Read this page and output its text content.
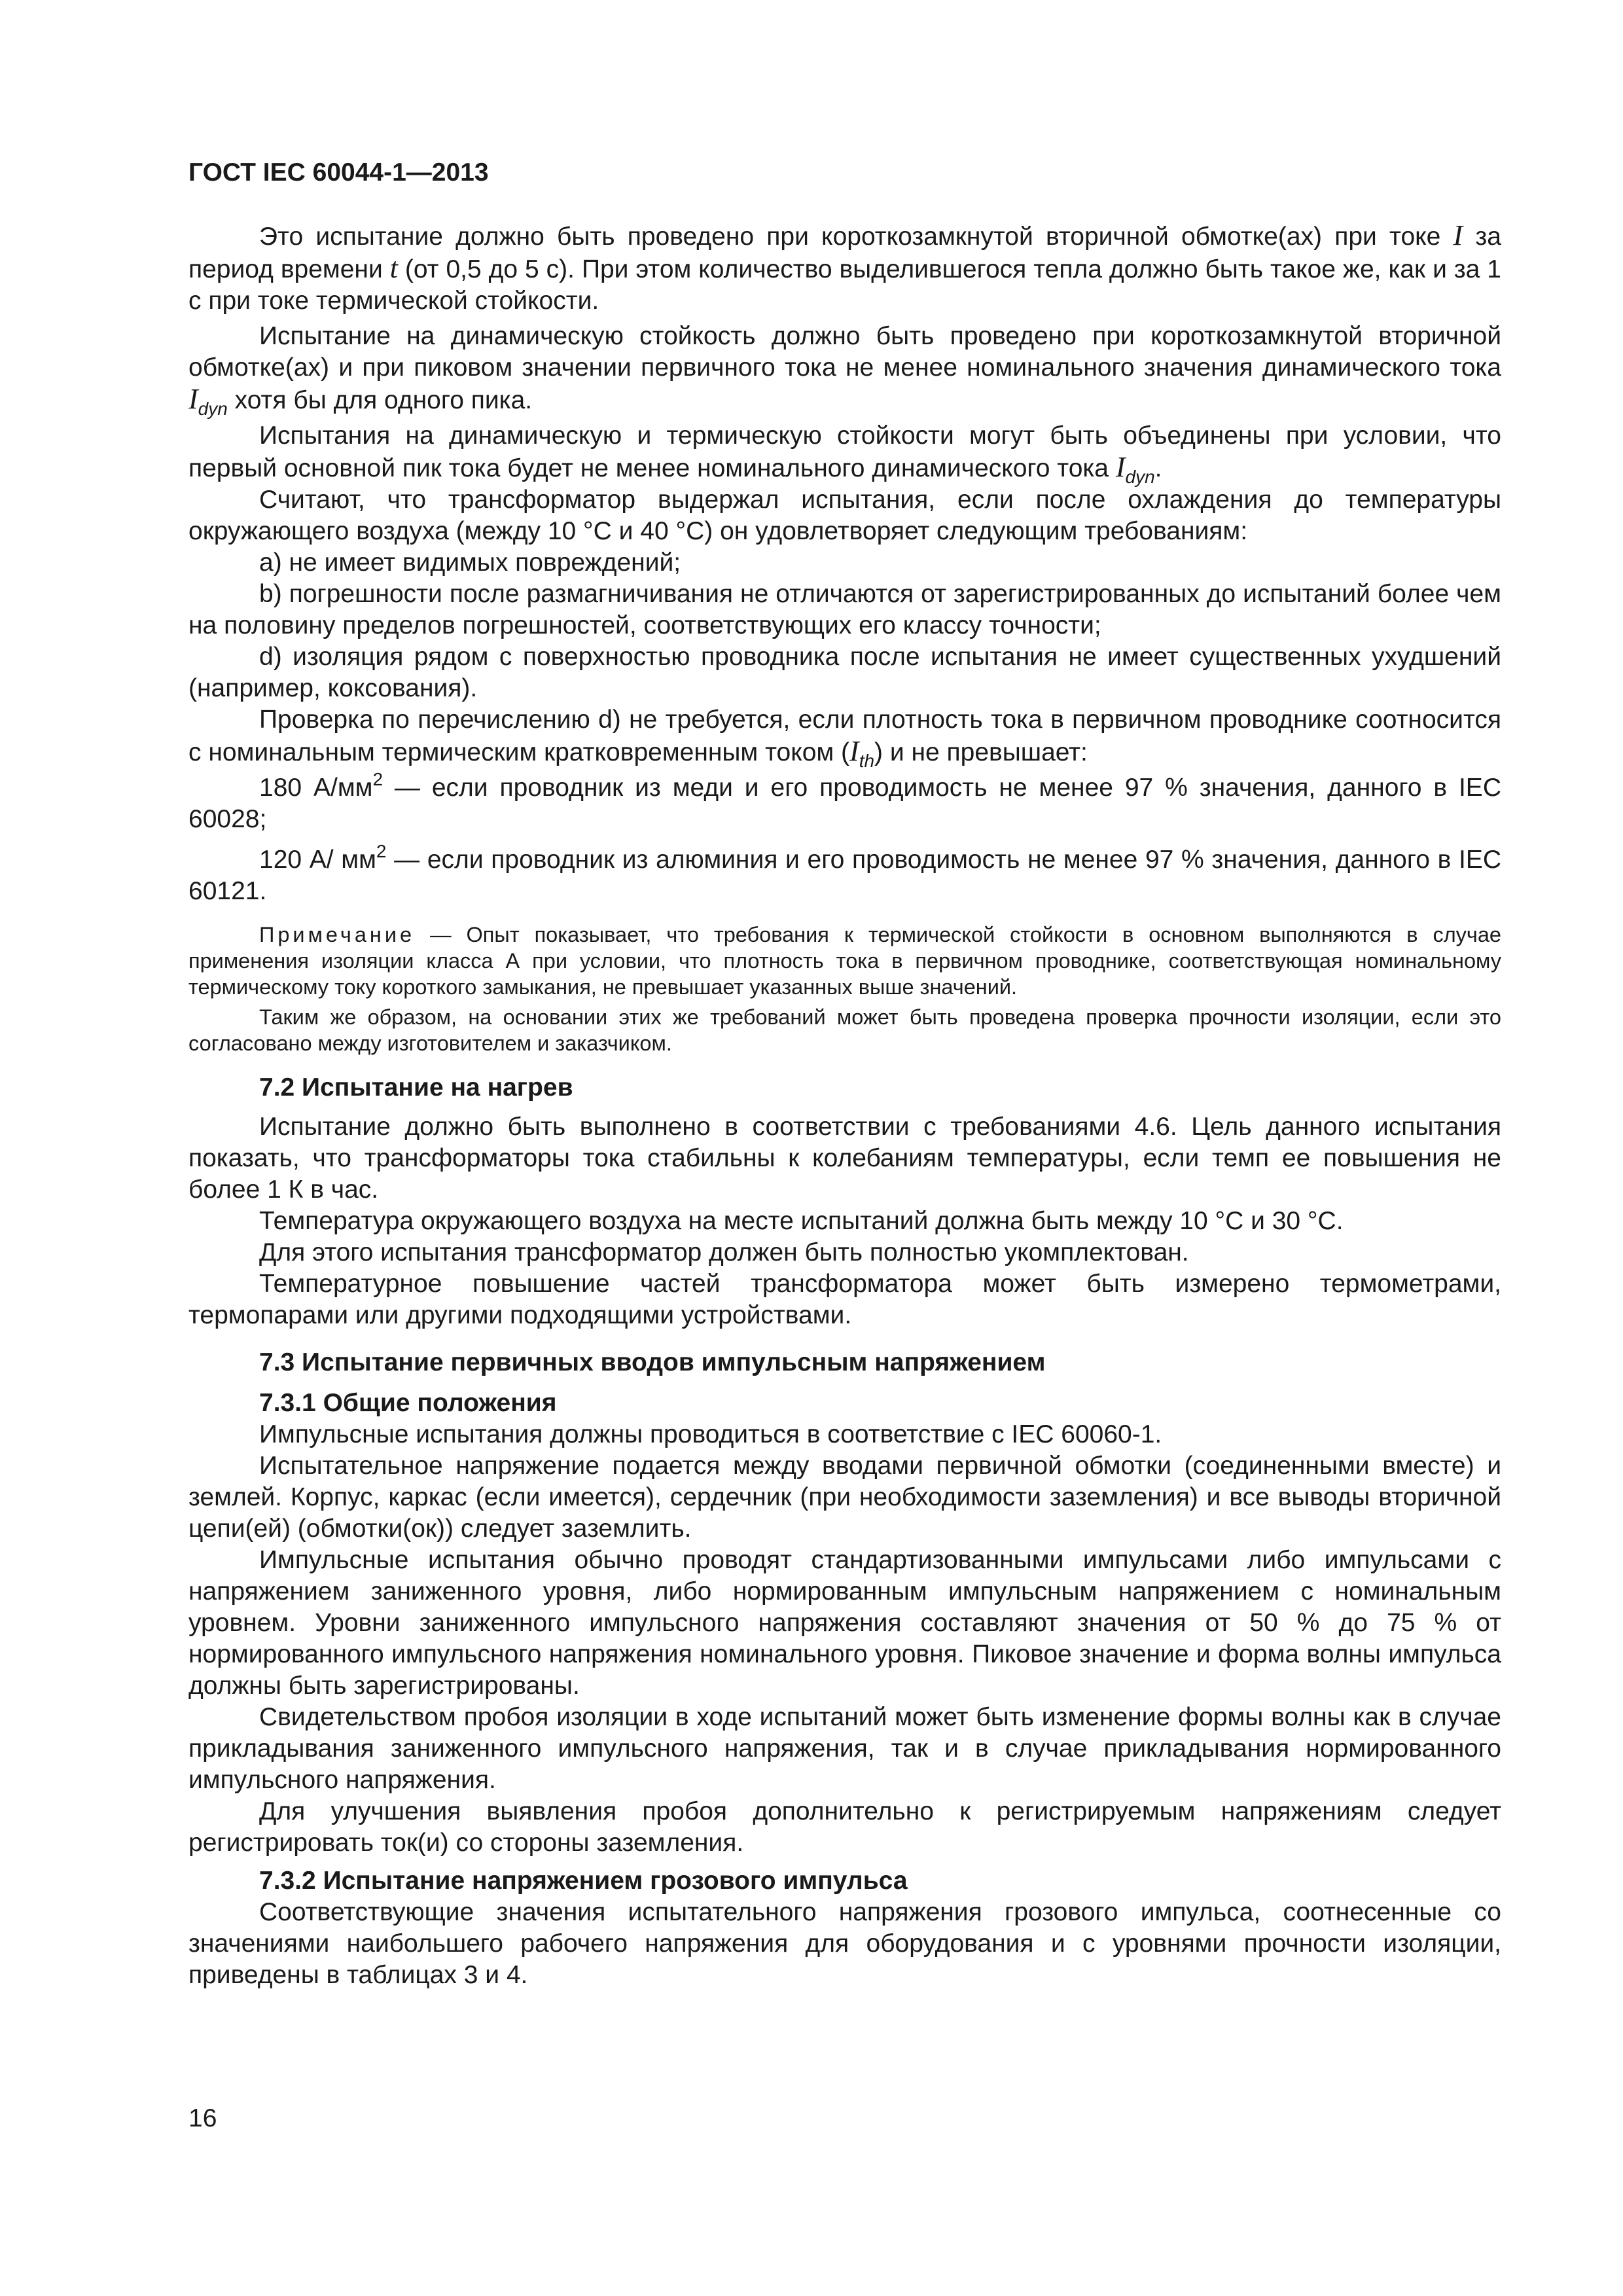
ГОСТ IEC 60044-1—2013

Это испытание должно быть проведено при короткозамкнутой вторичной обмотке(ах) при токе I за период времени t (от 0,5 до 5 с). При этом количество выделившегося тепла должно быть такое же, как и за 1 с при токе термической стойкости.

Испытание на динамическую стойкость должно быть проведено при короткозамкнутой вторичной обмотке(ах) и при пиковом значении первичного тока не менее номинального значения динамического тока $I_{dyn}$ хотя бы для одного пика.

Испытания на динамическую и термическую стойкости могут быть объединены при условии, что первый основной пик тока будет не менее номинального динамического тока $I_{dyn}$.

Считают, что трансформатор выдержал испытания, если после охлаждения до температуры окружающего воздуха (между 10 °С и 40 °С) он удовлетворяет следующим требованиям:

a) не имеет видимых повреждений;

b) погрешности после размагничивания не отличаются от зарегистрированных до испытаний более чем на половину пределов погрешностей, соответствующих его классу точности;

d) изоляция рядом с поверхностью проводника после испытания не имеет существенных ухудшений (например, коксования).

Проверка по перечислению d) не требуется, если плотность тока в первичном проводнике соотносится с номинальным термическим кратковременным током $(I_{th})$ и не превышает:

180 $А/мм^2$ — если проводник из меди и его проводимость не менее 97 % значения, данного в IEC 60028;

120 А/ $мм^2$ — если проводник из алюминия и его проводимость не менее 97 % значения, данного в IEC 60121.

Примечание — Опыт показывает, что требования к термической стойкости в основном выполняются в случае применения изоляции класса А при условии, что плотность тока в первичном проводнике, соответствующая номинальному термическому току короткого замыкания, не превышает указанных выше значений.

Таким же образом, на основании этих же требований может быть проведена проверка прочности изоляции, если это согласовано между изготовителем и заказчиком.

7.2 Испытание на нагрев

Испытание должно быть выполнено в соответствии с требованиями 4.6. Цель данного испытания показать, что трансформаторы тока стабильны к колебаниям температуры, если темп ее повышения не более 1 К в час.

Температура окружающего воздуха на месте испытаний должна быть между 10 °С и 30 °С.

Для этого испытания трансформатор должен быть полностью укомплектован.

Температурное повышение частей трансформатора может быть измерено термометрами, термопарами или другими подходящими устройствами.

7.3 Испытание первичных вводов импульсным напряжением
7.3.1 Общие положения

Импульсные испытания должны проводиться в соответствие с IEC 60060-1.

Испытательное напряжение подается между вводами первичной обмотки (соединенными вместе) и землей. Корпус, каркас (если имеется), сердечник (при необходимости заземления) и все выводы вторичной цепи(ей) (обмотки(ок)) следует заземлить.

Импульсные испытания обычно проводят стандартизованными импульсами либо импульсами с напряжением заниженного уровня, либо нормированным импульсным напряжением с номинальным уровнем. Уровни заниженного импульсного напряжения составляют значения от 50 % до 75 % от нормированного импульсного напряжения номинального уровня. Пиковое значение и форма волны импульса должны быть зарегистрированы.

Свидетельством пробоя изоляции в ходе испытаний может быть изменение формы волны как в случае прикладывания заниженного импульсного напряжения, так и в случае прикладывания нормированного импульсного напряжения.

Для улучшения выявления пробоя дополнительно к регистрируемым напряжениям следует регистрировать ток(и) со стороны заземления.

7.3.2 Испытание напряжением грозового импульса

Соответствующие значения испытательного напряжения грозового импульса, соотнесенные со значениями наибольшего рабочего напряжения для оборудования и с уровнями прочности изоляции, приведены в таблицах 3 и 4.

16
